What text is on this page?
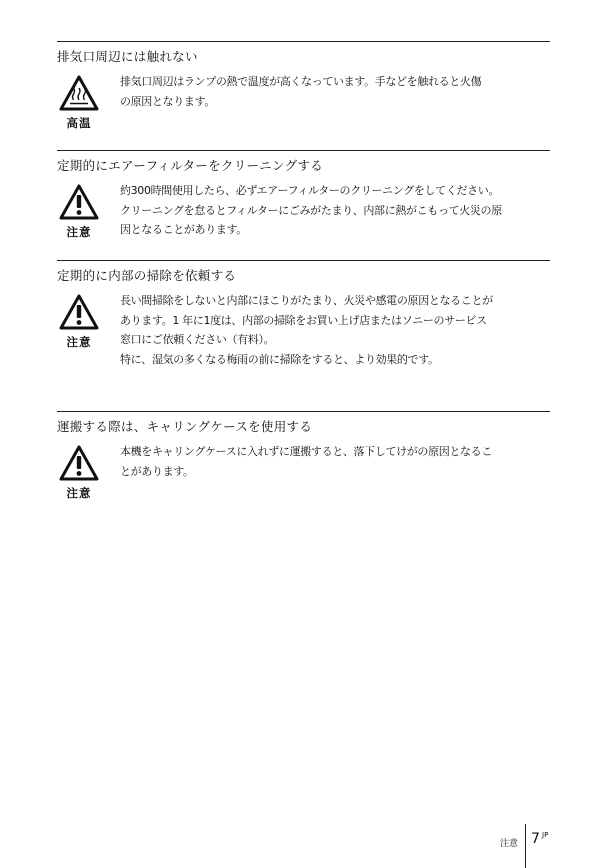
排気口周辺には触れない
高温

排気口周辺はランプの熱で温度が高くなっています。手などを触れると火傷

の原因となります。

定期的にエアーフィルターをクリーニングする
注意

約300時間使用したら、必ずエアーフィルターのクリーニングをしてください。

クリーニングを怠るとフィルターにごみがたまり、内部に熱がこもって火災の原

因となることがあります。

定期的に内部の掃除を依頼する
注意

長い間掃除をしないと内部にほこりがたまり、火災や感電の原因となることが

あります。1 年に1度は、内部の掃除をお買い上げ店またはソニーのサービス

窓口にご依頼ください（有料）。

特に、湿気の多くなる梅雨の前に掃除をすると、より効果的です。

運搬する際は、キャリングケースを使用する
注意

本機をキャリングケースに入れずに運搬すると、落下してけがの原因となるこ

とがあります。

注意 7 JP
